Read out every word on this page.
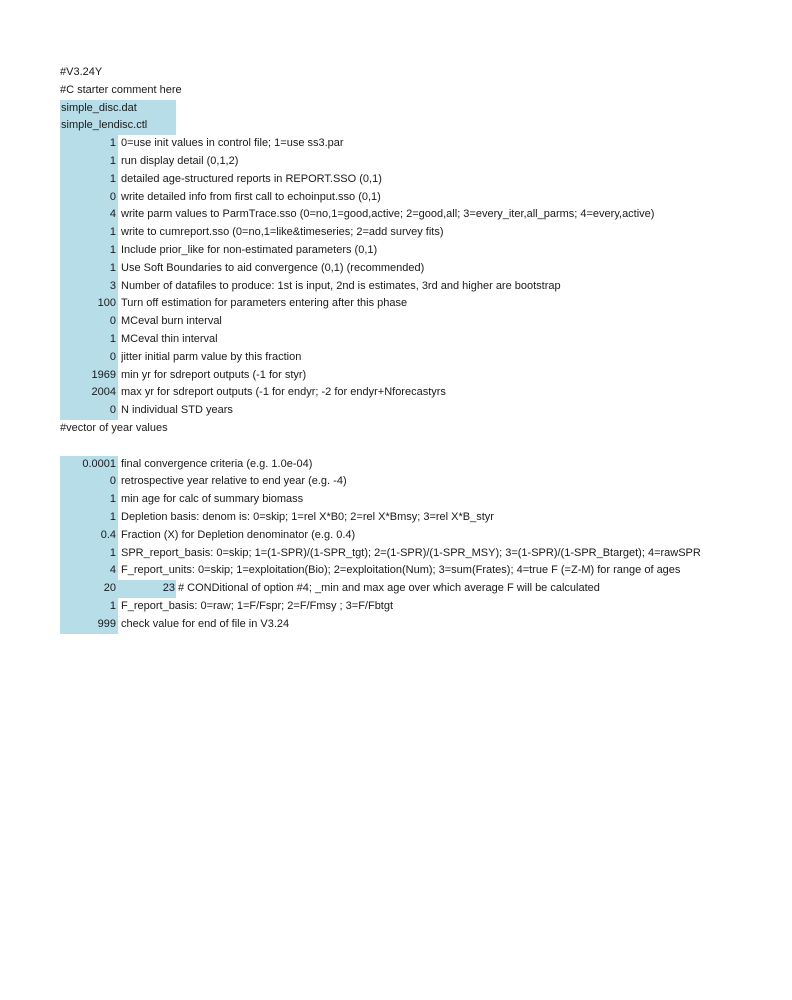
#V3.24Y
#C starter comment here
simple_disc.dat
simple_lendisc.ctl
1 0=use init values in control file; 1=use ss3.par
1 run display detail (0,1,2)
1 detailed age-structured reports in REPORT.SSO (0,1)
0 write detailed info from first call to echoinput.sso (0,1)
4 write parm values to ParmTrace.sso (0=no,1=good,active; 2=good,all; 3=every_iter,all_parms; 4=every,active)
1 write to cumreport.sso (0=no,1=like&timeseries; 2=add survey fits)
1 Include prior_like for non-estimated parameters (0,1)
1 Use Soft Boundaries to aid convergence (0,1) (recommended)
3 Number of datafiles to produce: 1st is input, 2nd is estimates, 3rd and higher are bootstrap
100 Turn off estimation for parameters entering after this phase
0 MCeval burn interval
1 MCeval thin interval
0 jitter initial parm value by this fraction
1969 min yr for sdreport outputs (-1 for styr)
2004 max yr for sdreport outputs (-1 for endyr; -2 for endyr+Nforecastyrs
0 N individual STD years
#vector of year values
0.0001 final convergence criteria (e.g. 1.0e-04)
0 retrospective year relative to end year (e.g. -4)
1 min age for calc of summary biomass
1 Depletion basis: denom is: 0=skip; 1=rel X*B0; 2=rel X*Bmsy; 3=rel X*B_styr
0.4 Fraction (X) for Depletion denominator (e.g. 0.4)
1 SPR_report_basis: 0=skip; 1=(1-SPR)/(1-SPR_tgt); 2=(1-SPR)/(1-SPR_MSY); 3=(1-SPR)/(1-SPR_Btarget); 4=rawSPR
4 F_report_units: 0=skip; 1=exploitation(Bio); 2=exploitation(Num); 3=sum(Frates); 4=true F (=Z-M) for range of ages
20	23 # CONDitional of option #4; _min and max age over which average F will be calculated
1 F_report_basis: 0=raw; 1=F/Fspr; 2=F/Fmsy ; 3=F/Fbtgt
999 check value for end of file in V3.24
